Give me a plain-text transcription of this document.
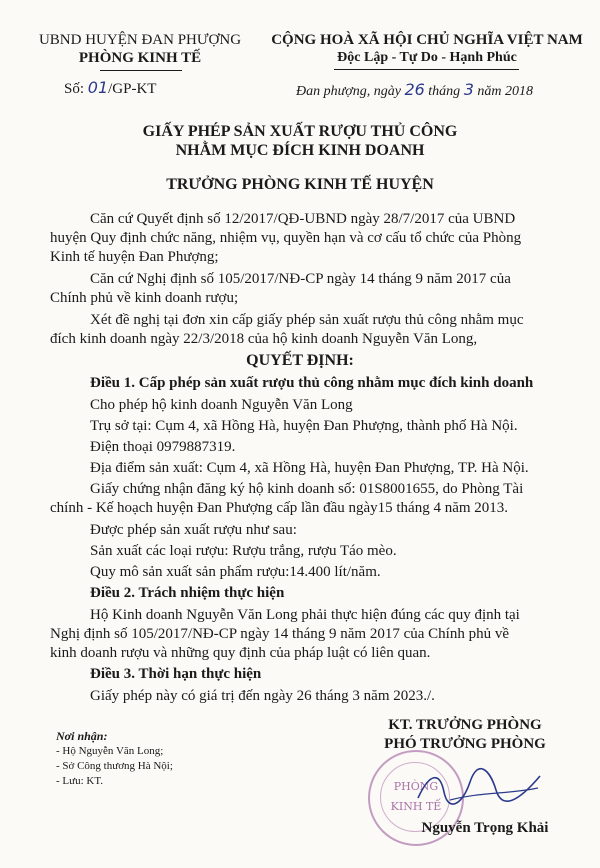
UBND HUYỆN ĐAN PHƯỢNG
PHÒNG KINH TẾ
Số: 01/GP-KT
CỘNG HOÀ XÃ HỘI CHỦ NGHĨA VIỆT NAM
Độc Lập - Tự Do - Hạnh Phúc
Đan phượng, ngày 26 tháng 3 năm 2018
GIẤY PHÉP SẢN XUẤT RƯỢU THỦ CÔNG
NHẰM MỤC ĐÍCH KINH DOANH
TRƯỞNG PHÒNG KINH TẾ HUYỆN
Căn cứ Quyết định số 12/2017/QĐ-UBND ngày 28/7/2017 của UBND
huyện Quy định chức năng, nhiệm vụ, quyền hạn và cơ cấu tổ chức của Phòng
Kinh tế huyện Đan Phượng;
Căn cứ Nghị định số 105/2017/NĐ-CP ngày 14 tháng 9 năm 2017 của
Chính phủ về kinh doanh rượu;
Xét đề nghị tại đơn xin cấp giấy phép sản xuất rượu thủ công nhằm mục
đích kinh doanh ngày 22/3/2018 của hộ kinh doanh Nguyễn Văn Long,
QUYẾT ĐỊNH:
Điều 1. Cấp phép sản xuất rượu thủ công nhằm mục đích kinh doanh
Cho phép hộ kinh doanh Nguyễn Văn Long
Trụ sở tại: Cụm 4, xã Hồng Hà, huyện Đan Phượng, thành phố Hà Nội.
Điện thoại 0979887319.
Địa điểm sản xuất: Cụm 4, xã Hồng Hà, huyện Đan Phượng, TP. Hà Nội.
Giấy chứng nhận đăng ký hộ kinh doanh số: 01S8001655, do Phòng Tài
chính - Kế hoạch huyện Đan Phượng cấp lần đầu ngày15 tháng 4 năm 2013.
Được phép sản xuất rượu như sau:
Sản xuất các loại rượu: Rượu trắng, rượu Táo mèo.
Quy mô sản xuất sản phẩm rượu:14.400 lít/năm.
Điều 2. Trách nhiệm thực hiện
Hộ Kinh doanh Nguyễn Văn Long phải thực hiện đúng các quy định tại
Nghị định số 105/2017/NĐ-CP ngày 14 tháng 9 năm 2017 của Chính phủ về
kinh doanh rượu và những quy định của pháp luật có liên quan.
Điều 3. Thời hạn thực hiện
Giấy phép này có giá trị đến ngày 26 tháng 3 năm 2023./.
Nơi nhận:
- Hộ Nguyễn Văn Long;
- Sở Công thương Hà Nội;
- Lưu: KT.
KT. TRƯỞNG PHÒNG
PHÓ TRƯỞNG PHÒNG
PHÒNG
KINH TẾ
Nguyễn Trọng Khải
